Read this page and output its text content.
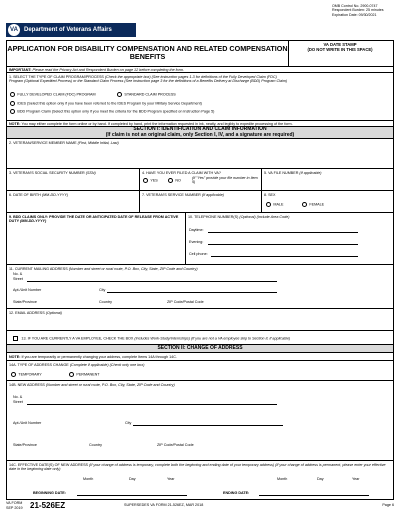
OMB Control No. 2900-0747
Respondent Burden: 25 minutes
Expiration Date: 09/30/2021
VA	Department of Veterans Affairs
APPLICATION FOR DISABILITY COMPENSATION AND RELATED COMPENSATION BENEFITS
VA DATE STAMP
(DO NOT WRITE IN THIS SPACE)
IMPORTANT: Please read the Privacy Act and Respondent Burden on page 12 before completing the form.
1. SELECT THE TYPE OF CLAIM PROGRAM/PROCESS (Check the appropriate box) (See instruction pages 1-3 for definitions of the Fully Developed Claim (FDC) Program (Optional Expedited Process) or the Standard Claim Process (See instruction page 3 for the definitions of a Benefits Delivery at Discharge (BDD) Program Claim)
FULLY DEVELOPED CLAIM (FDC) PROGRAM	STANDARD CLAIM PROCESS
IDES (Select this option only if you have been referred to the IDES Program by your Military Service Department)
BDD Program Claim (Select this option only if you meet the criteria for the BDD Program specified on Instruction Page 5)
NOTE: You may either complete the form online or by hand. If completed by hand, print the information requested in ink, neatly, and legibly to expedite processing of the form.
SECTION I: IDENTIFICATION AND CLAIM INFORMATION
(If claim is not an original claim, only Section I, IV, and a signature are required)
2. VETERAN/SERVICE MEMBER NAME (First, Middle Initial, Last)
3. VETERAN'S SOCIAL SECURITY NUMBER (SSN)	4. HAVE YOU EVER FILED A CLAIM WITH VA?
YES	NO
(If "Yes" provide your file number in Item 5)
5. VA FILE NUMBER (If applicable)
6. DATE OF BIRTH (MM-DD-YYYY)	7. VETERAN'S SERVICE NUMBER (If applicable)	8. SEX
MALE	FEMALE
9. BDD CLAIMS ONLY: PROVIDE THE DATE OR ANTICIPATED DATE OF RELEASE FROM ACTIVE DUTY (MM-DD-YYYY)
10. TELEPHONE NUMBER(S) (Optional) (Include Area Code)
Daytime:
Evening:
Cell phone:
11. CURRENT MAILING ADDRESS (Number and street or rural route, P.O. Box, City, State, ZIP Code and Country)
No. &
Street
Apt./Unit Number	City
State/Province	Country	ZIP Code/Postal Code
12. EMAIL ADDRESS (Optional)
13. IF YOU ARE CURRENTLY A VA EMPLOYEE, CHECK THE BOX (Includes Work-Study/Internships) (If you are not a VA employee skip to Section II, if applicable)
SECTION II: CHANGE OF ADDRESS
NOTE: If you are temporarily or permanently changing your address, complete Items 14A through 14C.
14A. TYPE OF ADDRESS CHANGE (Complete if applicable) (Check only one box)
TEMPORARY	PERMANENT
14B. NEW ADDRESS (Number and street or rural route, P.O. Box, City, State, ZIP Code and Country)
No. &
Street
Apt./Unit Number	City
State/Province	Country	ZIP Code/Postal Code
14C. EFFECTIVE DATE(S) OF NEW ADDRESS (If your change of address is temporary, complete both the beginning and ending date of your temporary address) (If your change of address is permanent, please enter your effective date in the beginning date only)
Month	Day	Year	Month	Day	Year
BEGINNING DATE:	ENDING DATE:
VA FORM
SEP 2019 21-526EZ	SUPERSEDES VA FORM 21-526EZ, MAR 2018	Page 6
